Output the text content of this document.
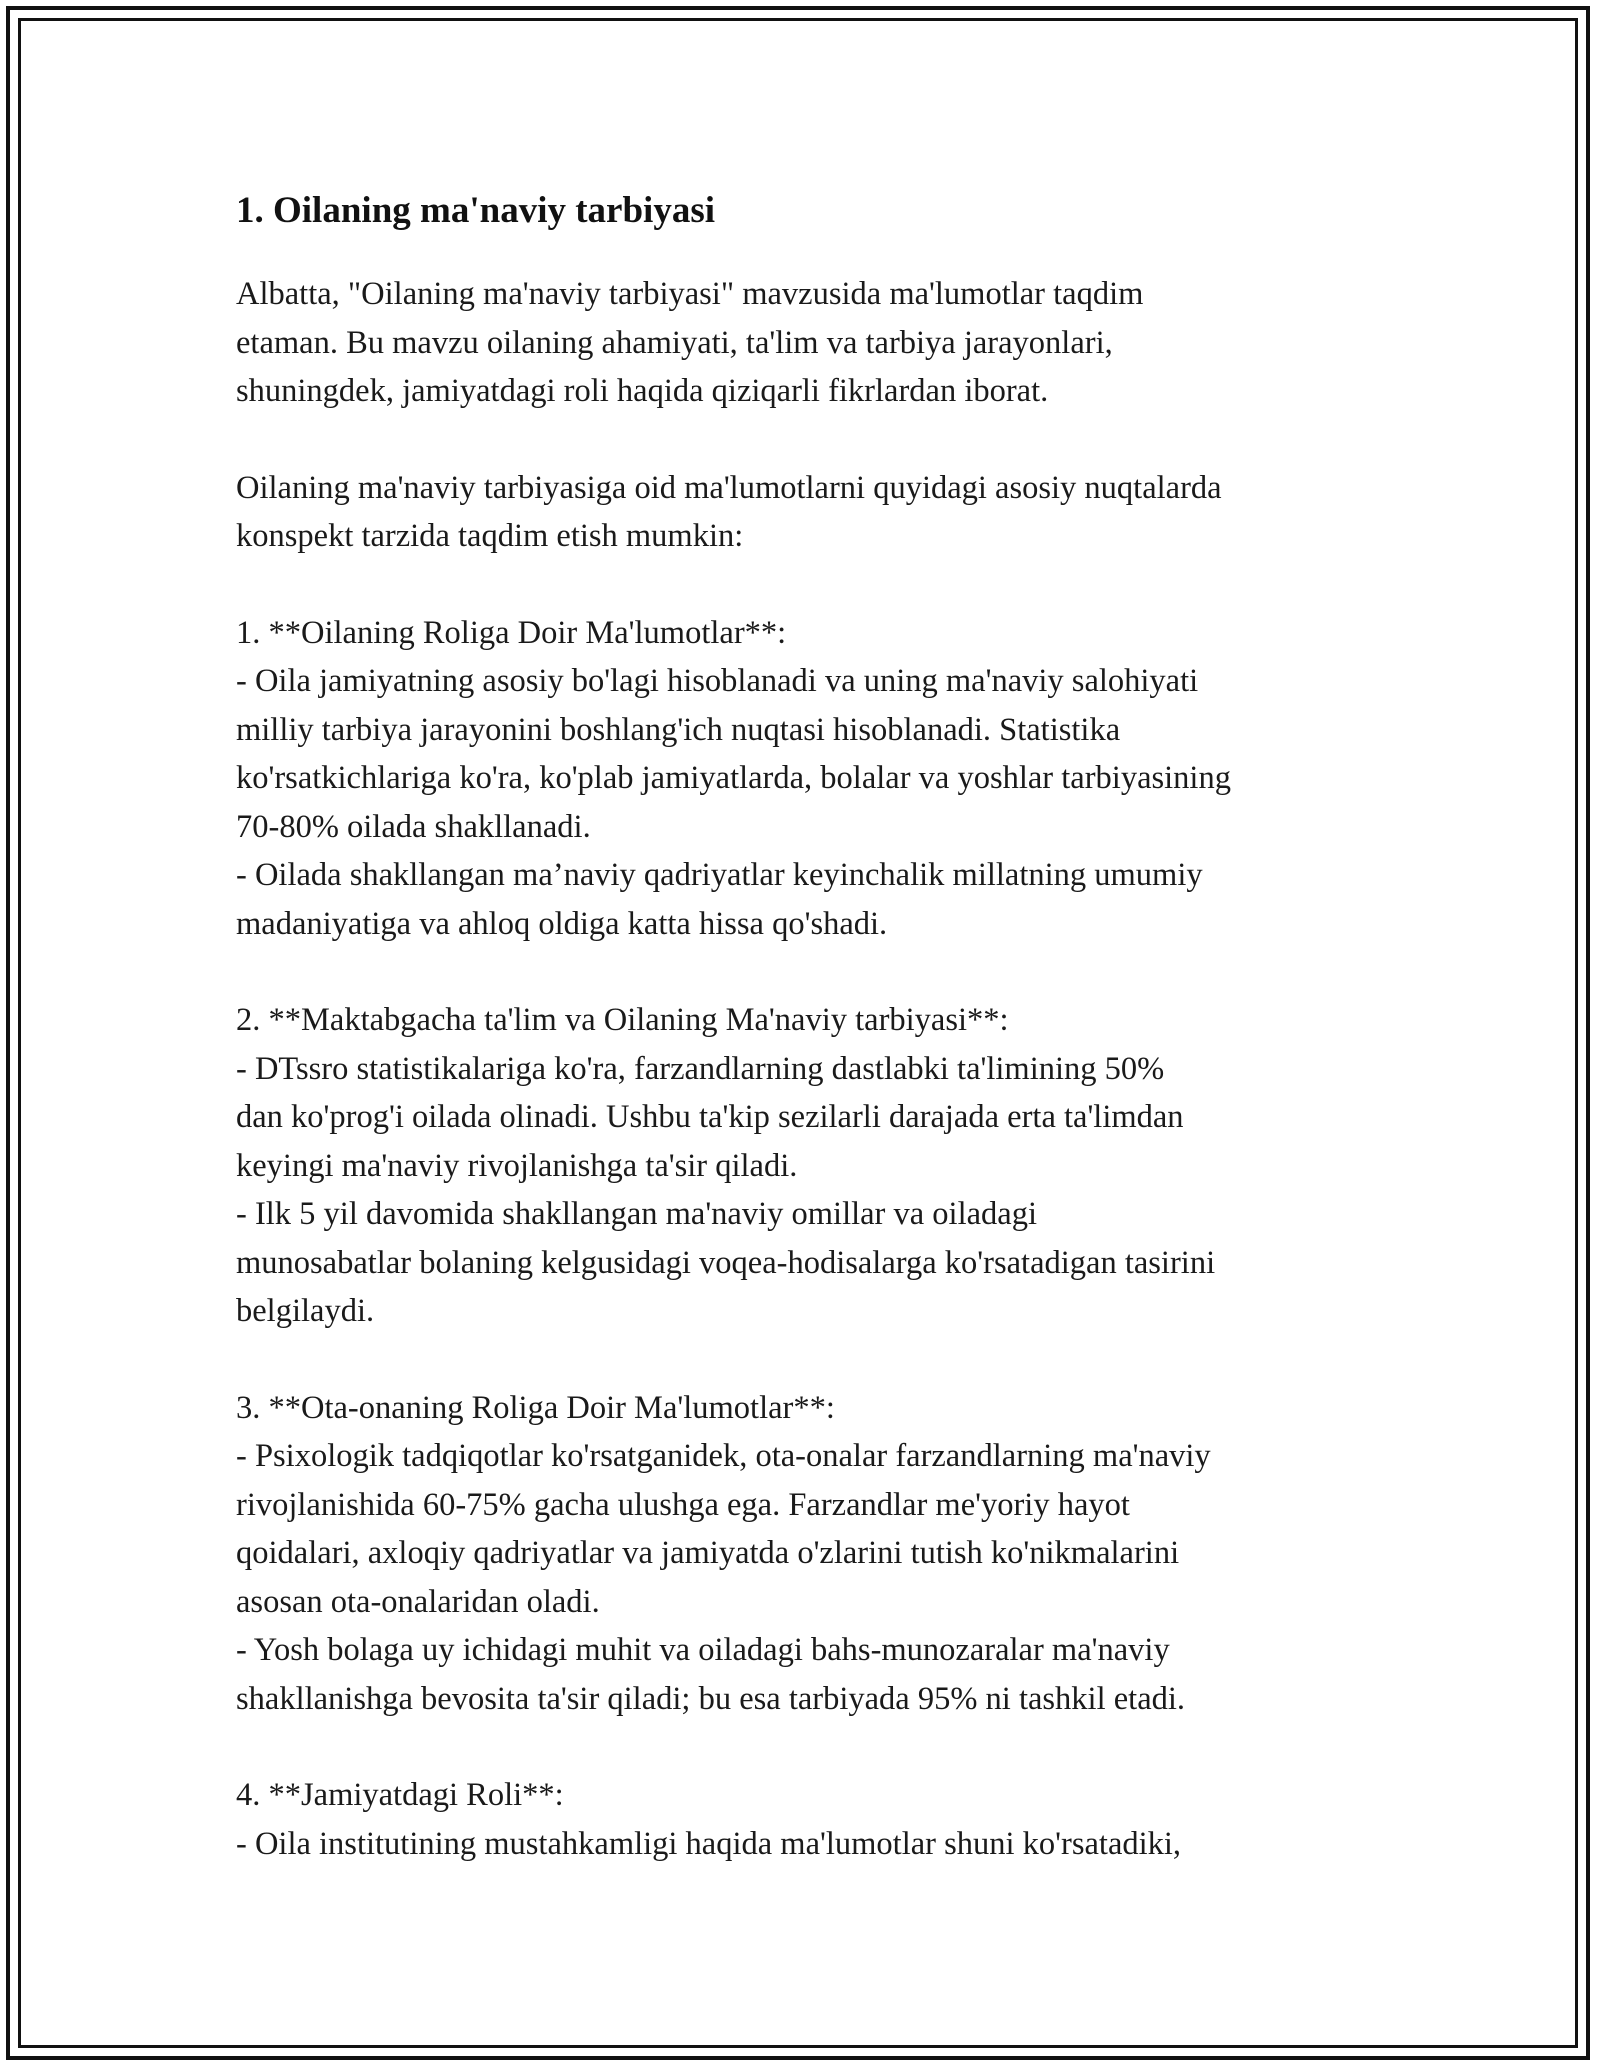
1. Oilaning ma'naviy tarbiyasi

Albatta, "Oilaning ma'naviy tarbiyasi" mavzusida ma'lumotlar taqdim
etaman. Bu mavzu oilaning ahamiyati, ta'lim va tarbiya jarayonlari,
shuningdek, jamiyatdagi roli haqida qiziqarli fikrlardan iborat.

Oilaning ma'naviy tarbiyasiga oid ma'lumotlarni quyidagi asosiy nuqtalarda
konspekt tarzida taqdim etish mumkin:

1. **Oilaning Roliga Doir Ma'lumotlar**:
- Oila jamiyatning asosiy bo'lagi hisoblanadi va uning ma'naviy salohiyati
milliy tarbiya jarayonini boshlang'ich nuqtasi hisoblanadi. Statistika
ko'rsatkichlariga ko'ra, ko'plab jamiyatlarda, bolalar va yoshlar tarbiyasining
70-80% oilada shakllanadi.
- Oilada shakllangan ma’naviy qadriyatlar keyinchalik millatning umumiy
madaniyatiga va ahloq oldiga katta hissa qo'shadi.

2. **Maktabgacha ta'lim va Oilaning Ma'naviy tarbiyasi**:
- DTssro statistikalariga ko'ra, farzandlarning dastlabki ta'limining 50%
dan ko'prog'i oilada olinadi. Ushbu ta'kip sezilarli darajada erta ta'limdan
keyingi ma'naviy rivojlanishga ta'sir qiladi.
- Ilk 5 yil davomida shakllangan ma'naviy omillar va oiladagi
munosabatlar bolaning kelgusidagi voqea-hodisalarga ko'rsatadigan tasirini
belgilaydi.

3. **Ota-onaning Roliga Doir Ma'lumotlar**:
- Psixologik tadqiqotlar ko'rsatganidek, ota-onalar farzandlarning ma'naviy
rivojlanishida 60-75% gacha ulushga ega. Farzandlar me'yoriy hayot
qoidalari, axloqiy qadriyatlar va jamiyatda o'zlarini tutish ko'nikmalarini
asosan ota-onalaridan oladi.
- Yosh bolaga uy ichidagi muhit va oiladagi bahs-munozaralar ma'naviy
shakllanishga bevosita ta'sir qiladi; bu esa tarbiyada 95% ni tashkil etadi.

4. **Jamiyatdagi Roli**:
- Oila institutining mustahkamligi haqida ma'lumotlar shuni ko'rsatadiki,
